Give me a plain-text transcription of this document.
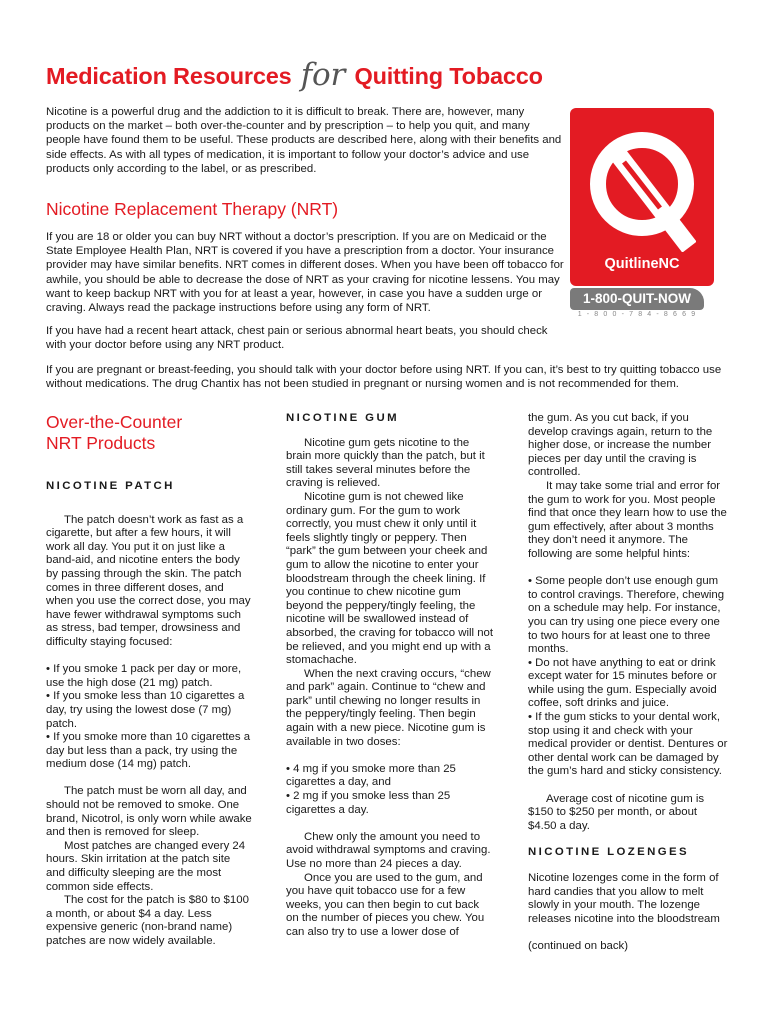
Medication Resources for Quitting Tobacco

Nicotine is a powerful drug and the addiction to it is difficult to break. There are, however, many products on the market – both over-the-counter and by prescription – to help you quit, and many people have found them to be useful. These products are described here, along with their benefits and side effects. As with all types of medication, it is important to follow your doctor’s advice and use products only according to the label, or as prescribed.

QuitlineNC
1-800-QUIT-NOW
1-800-784-8669
Nicotine Replacement Therapy (NRT)

If you are 18 or older you can buy NRT without a doctor’s prescription. If you are on Medicaid or the State Employee Health Plan, NRT is covered if you have a prescription from a doctor. Your insurance provider may have similar benefits. NRT comes in different doses. When you have been off tobacco for awhile, you should be able to decrease the dose of NRT as your craving for nicotine lessens. You may want to keep backup NRT with you for at least a year, however, in case you have a sudden urge or craving. Always read the package instructions before using any form of NRT.

If you have had a recent heart attack, chest pain or serious abnormal heart beats, you should check with your doctor before using any NRT product.

If you are pregnant or breast-feeding, you should talk with your doctor before using NRT. If you can, it’s best to try quitting tobacco use without medications. The drug Chantix has not been studied in pregnant or nursing women and is not recommended for them.

Over-the-Counter
NRT Products

NICOTINE PATCH

The patch doesn’t work as fast as a cigarette, but after a few hours, it will work all day. You put it on just like a band-aid, and nicotine enters the body by passing through the skin. The patch comes in three different doses, and when you use the correct dose, you may have fewer withdrawal symptoms such as stress, bad temper, drowsiness and difficulty staying focused:

• If you smoke 1 pack per day or more, use the high dose (21 mg) patch.

• If you smoke less than 10 cigarettes a day, try using the lowest dose (7 mg) patch.

• If you smoke more than 10 cigarettes a day but less than a pack, try using the medium dose (14 mg) patch.

The patch must be worn all day, and should not be removed to smoke. One brand, Nicotrol, is only worn while awake and then is removed for sleep.

Most patches are changed every 24 hours. Skin irritation at the patch site and difficulty sleeping are the most common side effects.

The cost for the patch is $80 to $100 a month, or about $4 a day. Less expensive generic (non-brand name) patches are now widely available.

NICOTINE GUM

Nicotine gum gets nicotine to the brain more quickly than the patch, but it still takes several minutes before the craving is relieved.

Nicotine gum is not chewed like ordinary gum. For the gum to work correctly, you must chew it only until it feels slightly tingly or peppery. Then “park” the gum between your cheek and gum to allow the nicotine to enter your bloodstream through the cheek lining. If you continue to chew nicotine gum beyond the peppery/tingly feeling, the nicotine will be swallowed instead of absorbed, the craving for tobacco will not be relieved, and you might end up with a stomachache.

When the next craving occurs, “chew and park” again. Continue to “chew and park” until chewing no longer results in the peppery/tingly feeling. Then begin again with a new piece. Nicotine gum is available in two doses:

• 4 mg if you smoke more than 25 cigarettes a day, and

• 2 mg if you smoke less than 25 cigarettes a day.

Chew only the amount you need to avoid withdrawal symptoms and craving. Use no more than 24 pieces a day.

Once you are used to the gum, and you have quit tobacco use for a few weeks, you can then begin to cut back on the number of pieces you chew. You can also try to use a lower dose of

the gum. As you cut back, if you develop cravings again, return to the higher dose, or increase the number pieces per day until the craving is controlled.

It may take some trial and error for the gum to work for you. Most people find that once they learn how to use the gum effectively, after about 3 months they don’t need it anymore. The following are some helpful hints:

• Some people don’t use enough gum to control cravings. Therefore, chewing on a schedule may help. For instance, you can try using one piece every one to two hours for at least one to three months.

• Do not have anything to eat or drink except water for 15 minutes before or while using the gum. Especially avoid coffee, soft drinks and juice.

• If the gum sticks to your dental work, stop using it and check with your medical provider or dentist. Dentures or other dental work can be damaged by the gum’s hard and sticky consistency.

Average cost of nicotine gum is $150 to $250 per month, or about $4.50 a day.

NICOTINE LOZENGES

Nicotine lozenges come in the form of hard candies that you allow to melt slowly in your mouth. The lozenge releases nicotine into the bloodstream

(continued on back)
